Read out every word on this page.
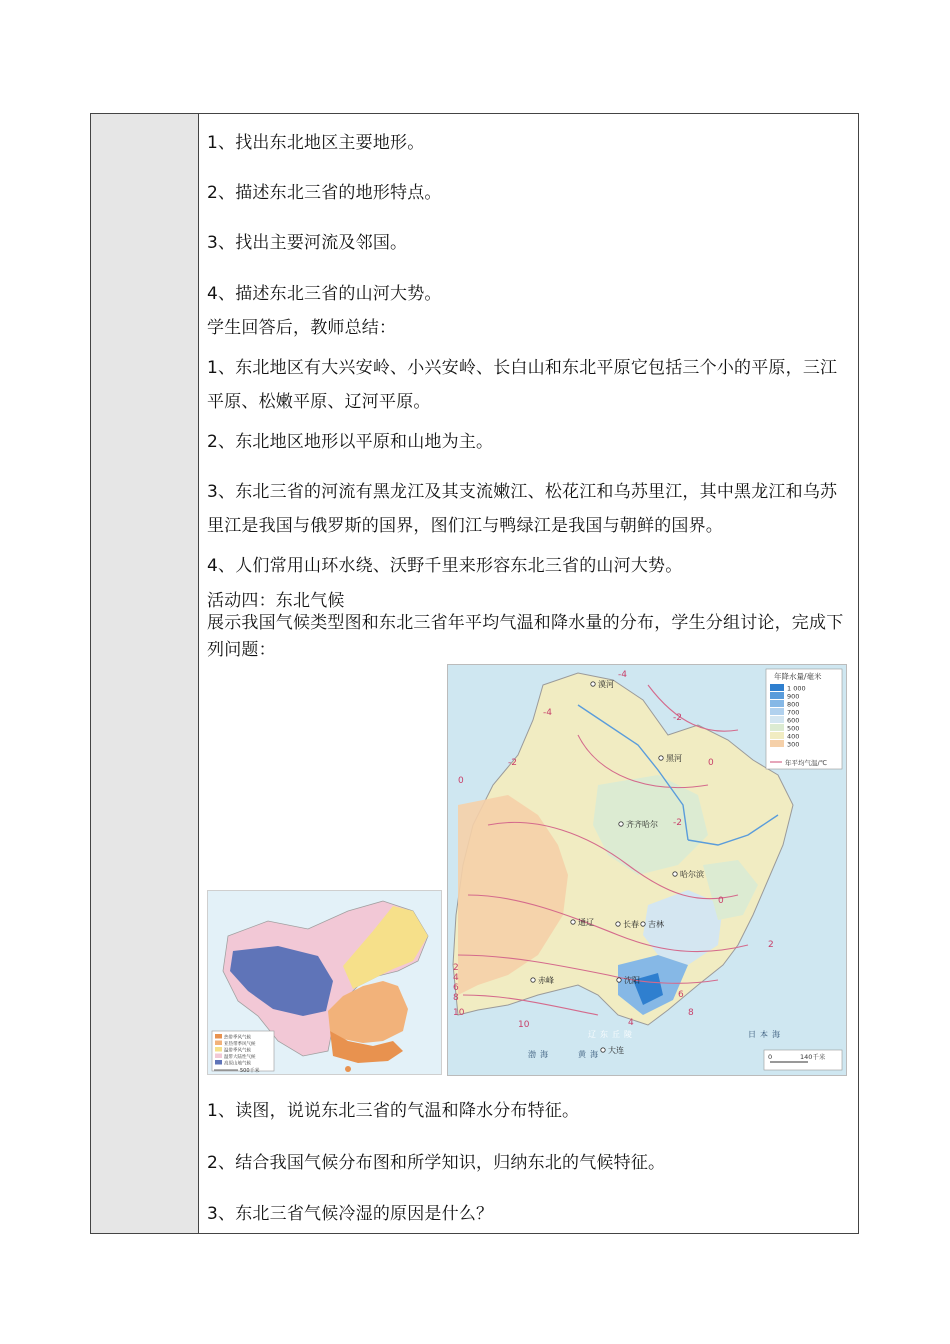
1、找出东北地区主要地形。
2、描述东北三省的地形特点。
3、找出主要河流及邻国。
4、描述东北三省的山河大势。
学生回答后，教师总结：
1、东北地区有大兴安岭、小兴安岭、长白山和东北平原它包括三个小的平原，三江平原、松嫩平原、辽河平原。
2、东北地区地形以平原和山地为主。
3、东北三省的河流有黑龙江及其支流嫩江、松花江和乌苏里江，其中黑龙江和乌苏里江是我国与俄罗斯的国界，图们江与鸭绿江是我国与朝鲜的国界。
4、人们常用山环水绕、沃野千里来形容东北三省的山河大势。
活动四：东北气候
展示我国气候类型图和东北三省年平均气温和降水量的分布，学生分组讨论，完成下列问题：
热带季风气候
亚热带季风气候
温带季风气候
温带大陆性气候
高原山地气候
500千米
年降水量/毫米
1 000
900
800
700
600
500
400
300
年平均气温/℃
漠河
黑河
齐齐哈尔
哈尔滨
通辽	长春 吉林
赤峰	沈阳
大连
辽东丘陵	日本海
渤海	黄海
-4
-4	-2
-2
-2
0
0
0
2
2
4
4
6
6
8
8
10
10
0	140千米
1、读图，说说东北三省的气温和降水分布特征。
2、结合我国气候分布图和所学知识，归纳东北的气候特征。
3、东北三省气候冷湿的原因是什么？
